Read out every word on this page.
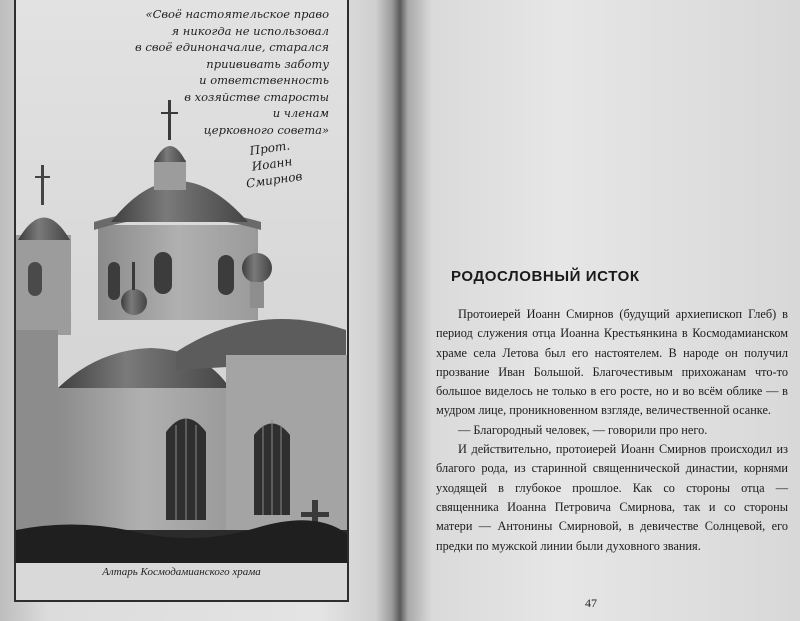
«Своё настоятельское право
я никогда не использовал
в своё единоначалие, старался
приививать заботу
и ответственность
в хозяйстве старосты
и членам
церковного совета»
Прот.
Иоанн
Смирнов
Алтарь Космодамианского храма
РОДОСЛОВНЫЙ ИСТОК

Протоиерей Иоанн Смирнов (будущий архиепископ Глеб) в период служения отца Иоанна Крестьянкина в Космодамианском храме села Летова был его настоятелем. В народе он получил прозвание Иван Большой. Благочестивым прихожанам что-то большое виделось не только в его росте, но и во всём облике — в мудром лице, проникновенном взгляде, величественной осанке.

— Благородный человек, — говорили про него.

И действительно, протоиерей Иоанн Смирнов происходил из благого рода, из старинной священнической династии, корнями уходящей в глубокое прошлое. Как со стороны отца — священника Иоанна Петровича Смирнова, так и со стороны матери — Антонины Смирновой, в девичестве Солнцевой, его предки по мужской линии были духовного звания.

47
